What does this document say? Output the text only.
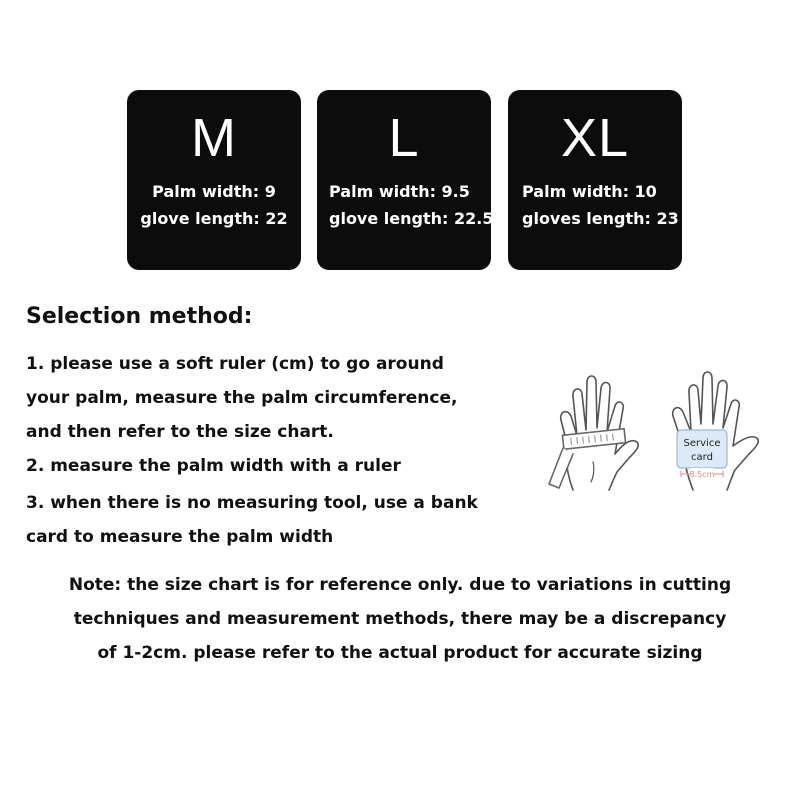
M
Palm width: 9
glove length: 22
L
Palm width: 9.5
glove length: 22.5
XL
Palm width: 10
gloves length: 23
Selection method:
1. please use a soft ruler (cm) to go around
your palm, measure the palm circumference,
and then refer to the size chart.
2. measure the palm width with a ruler
3. when there is no measuring tool, use a bank
card to measure the palm width
Service
card
8.5cm
Note: the size chart is for reference only. due to variations in cutting
techniques and measurement methods, there may be a discrepancy
of 1-2cm. please refer to the actual product for accurate sizing
